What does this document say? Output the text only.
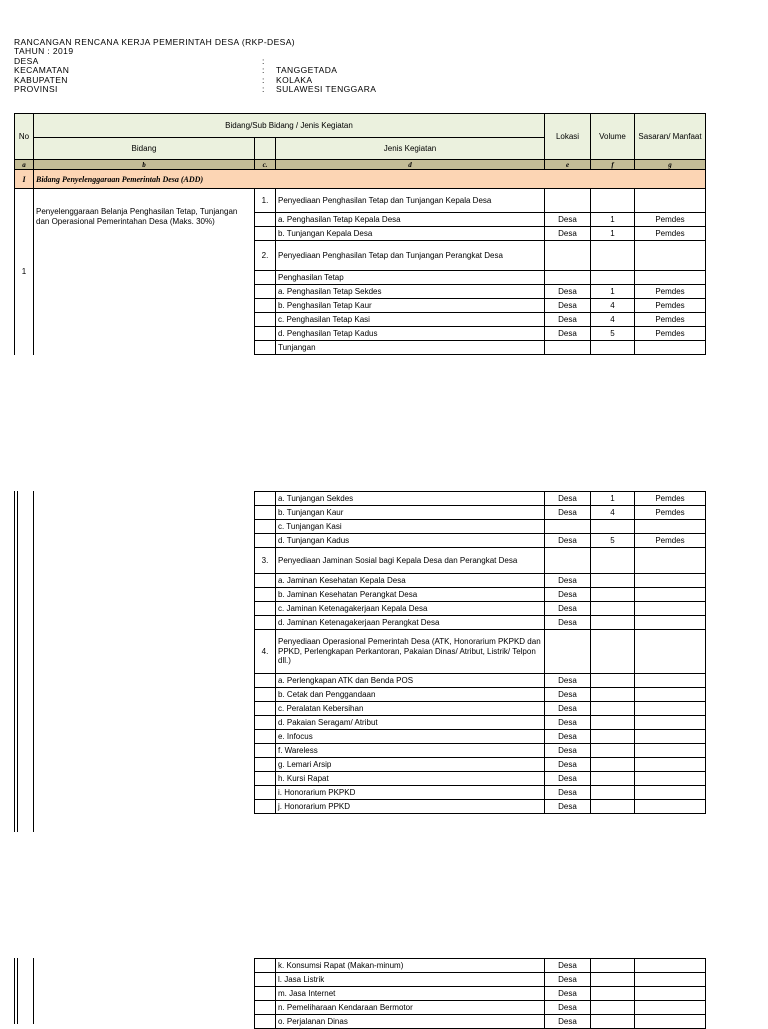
RANCANGAN RENCANA KERJA PEMERINTAH DESA (RKP-DESA)
TAHUN : 2019
DESA	:
KECAMATAN	: TANGGETADA
KABUPATEN	: KOLAKA
PROVINSI	: SULAWESI TENGGARA
No	Bidang/Sub Bidang / Jenis Kegiatan			Lokasi	Volume	Sasaran/ Manfaat
	Bidang		Jenis Kegiatan			
a	b	c.	d	e	f	g
I	Bidang Penyelenggaraan Pemerintah Desa (ADD)					
1	Penyelenggaraan Belanja Penghasilan Tetap, Tunjangan dan Operasional Pemerintahan Desa (Maks. 30%)	1.	Penyediaan Penghasilan Tetap dan Tunjangan Kepala Desa			
			a. Penghasilan Tetap Kepala Desa	Desa	1	Pemdes
			b. Tunjangan Kepala Desa	Desa	1	Pemdes
		2.	Penyediaan Penghasilan Tetap dan Tunjangan Perangkat Desa			
			Penghasilan Tetap			
			a. Penghasilan Tetap Sekdes	Desa	1	Pemdes
			b. Penghasilan Tetap Kaur	Desa	4	Pemdes
			c. Penghasilan Tetap Kasi	Desa	4	Pemdes
			d. Penghasilan Tetap Kadus	Desa	5	Pemdes
			Tunjangan			
	a. Tunjangan Sekdes	Desa	1	Pemdes
	b. Tunjangan Kaur	Desa	4	Pemdes
	c. Tunjangan Kasi			
	d. Tunjangan Kadus	Desa	5	Pemdes
3.	Penyediaan Jaminan Sosial bagi Kepala Desa dan Perangkat Desa			
	a. Jaminan Kesehatan Kepala Desa	Desa		
	b. Jaminan Kesehatan Perangkat Desa	Desa		
	c. Jaminan Ketenagakerjaan Kepala Desa	Desa		
	d. Jaminan Ketenagakerjaan Perangkat Desa	Desa		
4.	Penyediaan Operasional Pemerintah Desa (ATK, Honorarium PKPKD dan PPKD, Perlengkapan Perkantoran, Pakaian Dinas/ Atribut, Listrik/ Telpon dll.)			
	a. Perlengkapan ATK dan Benda POS	Desa		
	b. Cetak dan Penggandaan	Desa		
	c. Peralatan Kebersihan	Desa		
	d. Pakaian Seragam/ Atribut	Desa		
	e. Infocus	Desa		
	f. Wareless	Desa		
	g. Lemari Arsip	Desa		
	h. Kursi Rapat	Desa		
	i. Honorarium PKPKD	Desa		
	j. Honorarium PPKD	Desa		
	k. Konsumsi Rapat (Makan-minum)	Desa		
	l. Jasa Listrik	Desa		
	m. Jasa Internet	Desa		
	n. Pemeliharaan Kendaraan Bermotor	Desa		
	o. Perjalanan Dinas	Desa		
